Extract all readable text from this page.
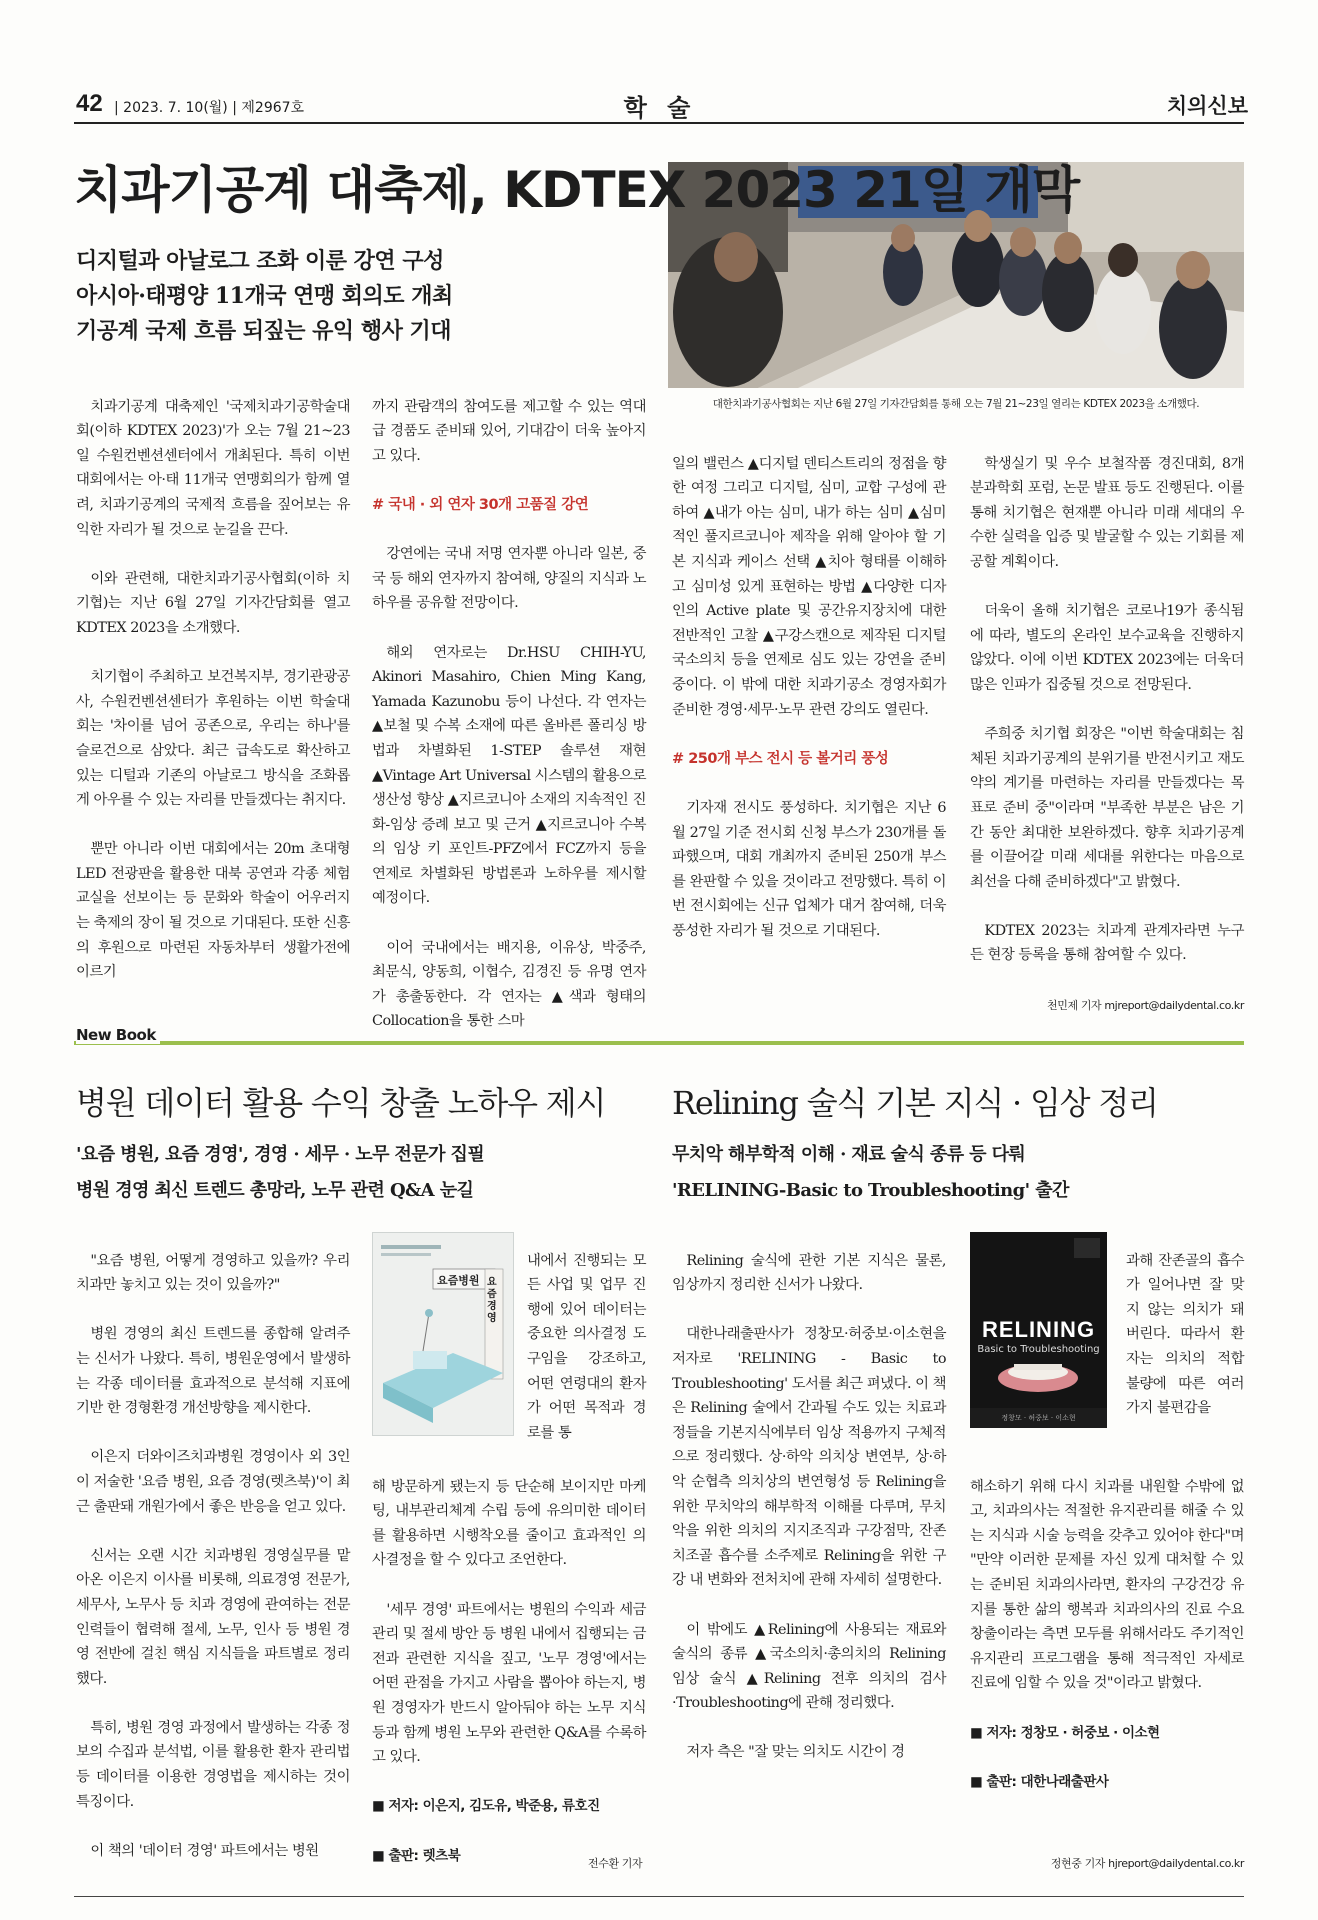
42 | 2023. 7. 10(월) | 제2967호	학 술	치의신보
치과기공계 대축제, KDTEX 2023 21일 개막
디지털과 아날로그 조화 이룬 강연 구성
아시아·태평양 11개국 연맹 회의도 개최
기공계 국제 흐름 되짚는 유익 행사 기대
대한치과기공사협회는 지난 6월 27일 기자간담회를 통해 오는 7월 21~23일 열리는 KDTEX 2023을 소개했다.

치과기공계 대축제인 '국제치과기공학술대회(이하 KDTEX 2023)'가 오는 7월 21~23일 수원컨벤션센터에서 개최된다. 특히 이번 대회에서는 아·태 11개국 연맹회의가 함께 열려, 치과기공계의 국제적 흐름을 짚어보는 유익한 자리가 될 것으로 눈길을 끈다.

이와 관련해, 대한치과기공사협회(이하 치기협)는 지난 6월 27일 기자간담회를 열고 KDTEX 2023을 소개했다.

치기협이 주최하고 보건복지부, 경기관광공사, 수원컨벤션센터가 후원하는 이번 학술대회는 '차이를 넘어 공존으로, 우리는 하나'를 슬로건으로 삼았다. 최근 급속도로 확산하고 있는 디털과 기존의 아날로그 방식을 조화롭게 아우를 수 있는 자리를 만들겠다는 취지다.

뿐만 아니라 이번 대회에서는 20m 초대형 LED 전광판을 활용한 대북 공연과 각종 체험 교실을 선보이는 등 문화와 학술이 어우러지는 축제의 장이 될 것으로 기대된다. 또한 신흥의 후원으로 마련된 자동차부터 생활가전에 이르기

까지 관람객의 참여도를 제고할 수 있는 역대급 경품도 준비돼 있어, 기대감이 더욱 높아지고 있다.

# 국내 · 외 연자 30개 고품질 강연

강연에는 국내 저명 연자뿐 아니라 일본, 중국 등 해외 연자까지 참여해, 양질의 지식과 노하우를 공유할 전망이다.

해외 연자로는 Dr.HSU CHIH-YU, Akinori Masahiro, Chien Ming Kang, Yamada Kazunobu 등이 나선다. 각 연자는 ▲보철 및 수복 소재에 따른 올바른 폴리싱 방법과 차별화된 1-STEP 솔루션 재현 ▲Vintage Art Universal 시스템의 활용으로 생산성 향상 ▲지르코니아 소재의 지속적인 진화-임상 증례 보고 및 근거 ▲지르코니아 수복의 임상 키 포인트-PFZ에서 FCZ까지 등을 연제로 차별화된 방법론과 노하우를 제시할 예정이다.

이어 국내에서는 배지용, 이유상, 박중주, 최문식, 양동희, 이협수, 김경진 등 유명 연자가 총출동한다. 각 연자는 ▲색과 형태의 Collocation을 통한 스마

일의 밸런스 ▲디지털 덴티스트리의 정점을 향한 여정 그리고 디지털, 심미, 교합 구성에 관하여 ▲내가 아는 심미, 내가 하는 심미 ▲심미적인 풀지르코니아 제작을 위해 알아야 할 기본 지식과 케이스 선택 ▲치아 형태를 이해하고 심미성 있게 표현하는 방법 ▲다양한 디자인의 Active plate 및 공간유지장치에 대한 전반적인 고찰 ▲구강스캔으로 제작된 디지털 국소의치 등을 연제로 심도 있는 강연을 준비 중이다. 이 밖에 대한 치과기공소 경영자회가 준비한 경영·세무·노무 관련 강의도 열린다.

# 250개 부스 전시 등 볼거리 풍성

기자재 전시도 풍성하다. 치기협은 지난 6월 27일 기준 전시회 신청 부스가 230개를 돌파했으며, 대회 개최까지 준비된 250개 부스를 완판할 수 있을 것이라고 전망했다. 특히 이번 전시회에는 신규 업체가 대거 참여해, 더욱 풍성한 자리가 될 것으로 기대된다.

학생실기 및 우수 보철작품 경진대회, 8개 분과학회 포럼, 논문 발표 등도 진행된다. 이를 통해 치기협은 현재뿐 아니라 미래 세대의 우수한 실력을 입증 및 발굴할 수 있는 기회를 제공할 계획이다.

더욱이 올해 치기협은 코로나19가 종식됨에 따라, 별도의 온라인 보수교육을 진행하지 않았다. 이에 이번 KDTEX 2023에는 더욱더 많은 인파가 집중될 것으로 전망된다.

주희중 치기협 회장은 "이번 학술대회는 침체된 치과기공계의 분위기를 반전시키고 재도약의 계기를 마련하는 자리를 만들겠다는 목표로 준비 중"이라며 "부족한 부분은 남은 기간 동안 최대한 보완하겠다. 향후 치과기공계를 이끌어갈 미래 세대를 위한다는 마음으로 최선을 다해 준비하겠다"고 밝혔다.

KDTEX 2023는 치과계 관계자라면 누구든 현장 등록을 통해 참여할 수 있다.

천민제 기자 mjreport@dailydental.co.kr
New Book
병원 데이터 활용 수익 창출 노하우 제시
'요즘 병원, 요즘 경영', 경영 · 세무 · 노무 전문가 집필
병원 경영 최신 트렌드 총망라, 노무 관련 Q&A 눈길

"요즘 병원, 어떻게 경영하고 있을까? 우리 치과만 놓치고 있는 것이 있을까?"

병원 경영의 최신 트렌드를 종합해 알려주는 신서가 나왔다. 특히, 병원운영에서 발생하는 각종 데이터를 효과적으로 분석해 지표에 기반 한 경형환경 개선방향을 제시한다.

이은지 더와이즈치과병원 경영이사 외 3인이 저술한 '요즘 병원, 요즘 경영(렛츠북)'이 최근 출판돼 개원가에서 좋은 반응을 얻고 있다.

신서는 오랜 시간 치과병원 경영실무를 맡아온 이은지 이사를 비롯해, 의료경영 전문가, 세무사, 노무사 등 치과 경영에 관여하는 전문 인력들이 협력해 절세, 노무, 인사 등 병원 경영 전반에 걸친 핵심 지식들을 파트별로 정리했다.

특히, 병원 경영 과정에서 발생하는 각종 정보의 수집과 분석법, 이를 활용한 환자 관리법 등 데이터를 이용한 경영법을 제시하는 것이 특징이다.

이 책의 '데이터 경영' 파트에서는 병원

요즘병원 요즘경영

내에서 진행되는 모든 사업 및 업무 진행에 있어 데이터는 중요한 의사결정 도구임을 강조하고, 어떤 연령대의 환자가 어떤 목적과 경로를 통

해 방문하게 됐는지 등 단순해 보이지만 마케팅, 내부관리체계 수립 등에 유의미한 데이터를 활용하면 시행착오를 줄이고 효과적인 의사결정을 할 수 있다고 조언한다.

'세무 경영' 파트에서는 병원의 수익과 세금 관리 및 절세 방안 등 병원 내에서 집행되는 금전과 관련한 지식을 짚고, '노무 경영'에서는 어떤 관점을 가지고 사람을 뽑아야 하는지, 병원 경영자가 반드시 알아둬야 하는 노무 지식 등과 함께 병원 노무와 관련한 Q&A를 수록하고 있다.

■ 저자: 이은지, 김도유, 박준용, 류호진

■ 출판: 렛츠북	전수환 기자
Relining 술식 기본 지식 · 임상 정리
무치악 해부학적 이해 · 재료 술식 종류 등 다뤄
'RELINING-Basic to Troubleshooting' 출간

Relining 술식에 관한 기본 지식은 물론, 임상까지 정리한 신서가 나왔다.

대한나래출판사가 정창모·허중보·이소현을 저자로 'RELINING - Basic to Troubleshooting' 도서를 최근 펴냈다. 이 책은 Relining 술에서 간과될 수도 있는 치료과정들을 기본지식에부터 임상 적용까지 구체적으로 정리했다. 상·하악 의치상 변연부, 상·하악 순협측 의치상의 변연형성 등 Relining을 위한 무치악의 해부학적 이해를 다루며, 무치악을 위한 의치의 지지조직과 구강점막, 잔존치조골 흡수를 소주제로 Relining을 위한 구강 내 변화와 전처치에 관해 자세히 설명한다.

이 밖에도 ▲Relining에 사용되는 재료와 술식의 종류 ▲국소의치·총의치의 Relining 임상 술식 ▲Relining 전후 의치의 검사·Troubleshooting에 관해 정리했다.

저자 측은 "잘 맞는 의치도 시간이 경

RELINING
Basic to Troubleshooting
정창모 · 허중보 · 이소현

과해 잔존골의 흡수가 일어나면 잘 맞지 않는 의치가 돼버린다. 따라서 환자는 의치의 적합 불량에 따른 여러 가지 불편감을

해소하기 위해 다시 치과를 내원할 수밖에 없고, 치과의사는 적절한 유지관리를 해줄 수 있는 지식과 시술 능력을 갖추고 있어야 한다"며 "만약 이러한 문제를 자신 있게 대처할 수 있는 준비된 치과의사라면, 환자의 구강건강 유지를 통한 삶의 행복과 치과의사의 진료 수요 창출이라는 측면 모두를 위해서라도 주기적인 유지관리 프로그램을 통해 적극적인 자세로 진료에 임할 수 있을 것"이라고 밝혔다.

■ 저자: 정창모 · 허중보 · 이소현

■ 출판: 대한나래출판사

정현중 기자 hjreport@dailydental.co.kr
